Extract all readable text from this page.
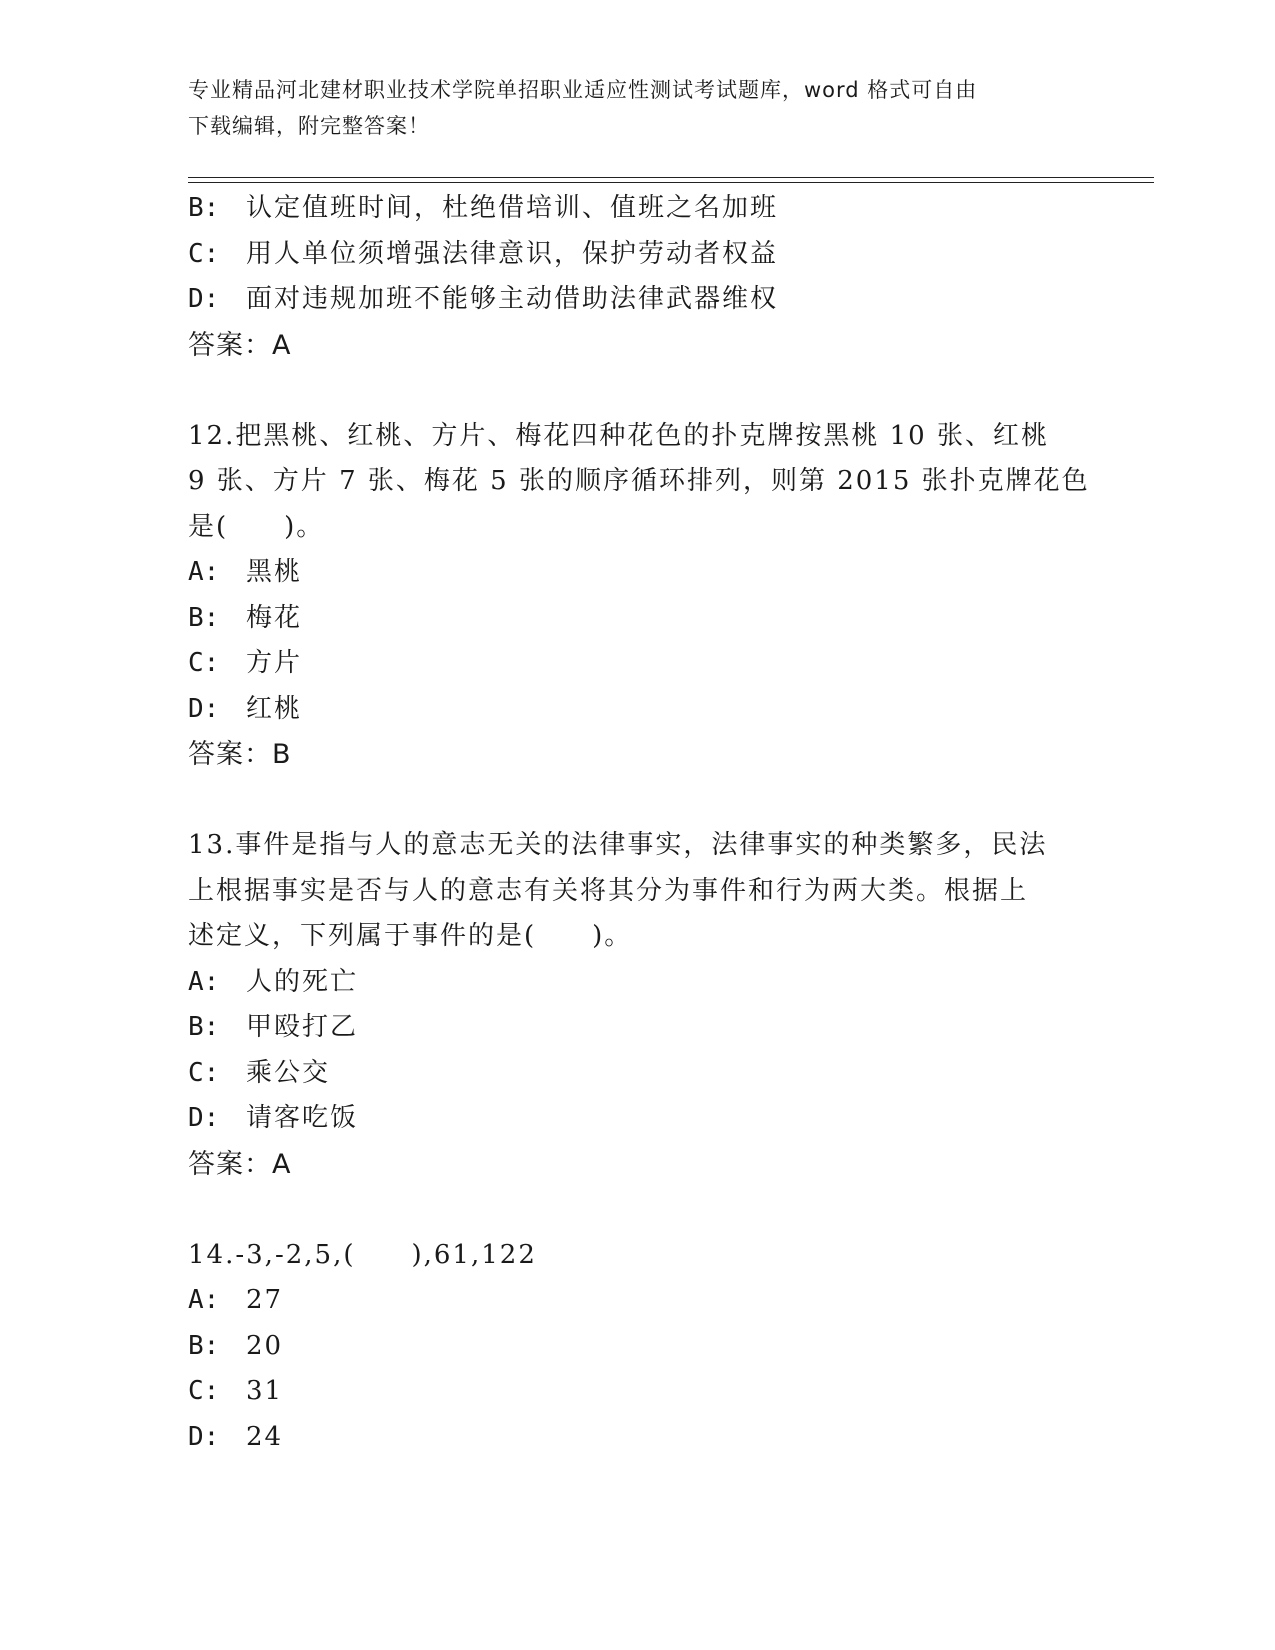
专业精品河北建材职业技术学院单招职业适应性测试考试题库，word 格式可自由
下载编辑，附完整答案！
B: 认定值班时间，杜绝借培训、值班之名加班
C: 用人单位须增强法律意识，保护劳动者权益
D: 面对违规加班不能够主动借助法律武器维权
答案：A
12.把黑桃、红桃、方片、梅花四种花色的扑克牌按黑桃 10 张、红桃
9 张、方片 7 张、梅花 5 张的顺序循环排列，则第 2015 张扑克牌花色
是(　　)。
A: 黑桃
B: 梅花
C: 方片
D: 红桃
答案：B
13.事件是指与人的意志无关的法律事实，法律事实的种类繁多，民法
上根据事实是否与人的意志有关将其分为事件和行为两大类。根据上
述定义，下列属于事件的是(　　)。
A: 人的死亡
B: 甲殴打乙
C: 乘公交
D: 请客吃饭
答案：A
14.-3,-2,5,(　　),61,122
A: 27
B: 20
C: 31
D: 24
